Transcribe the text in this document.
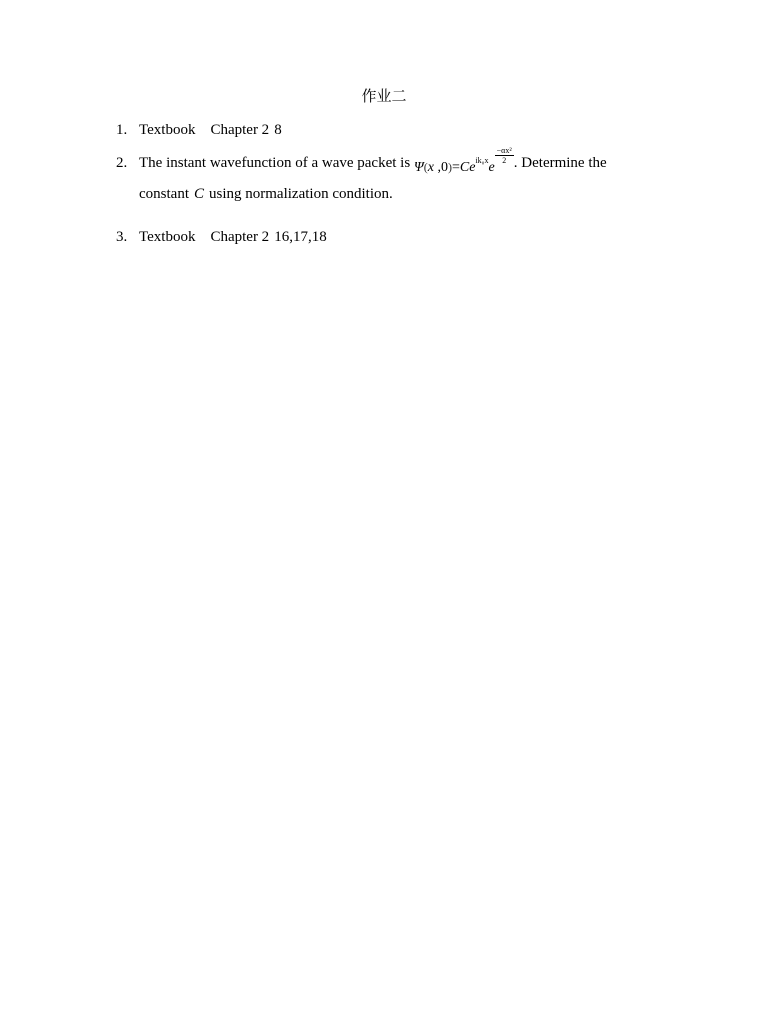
作业二
1. Textbook Chapter 2 8
2. The instant wavefunction of a wave packet is Ψ(x $,0)=Ce^{ik_0x}e$
$\frac{\text{−αx²}}{2}$ . Determine the
constant C using normalization condition.
3. Textbook Chapter 2 16,17,18
